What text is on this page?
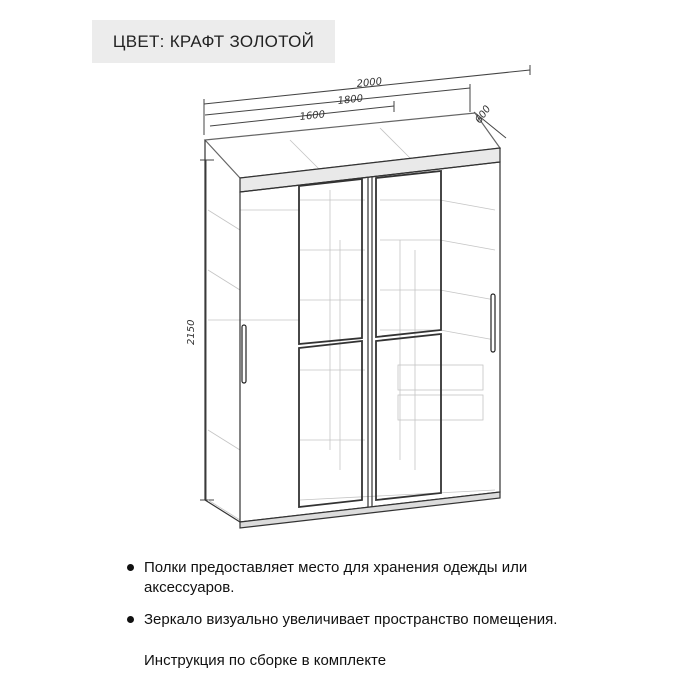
ЦВЕТ: КРАФТ ЗОЛОТОЙ
2000
1800
1600	600
2150
Полки предоставляет место для хранения одежды или аксессуаров.
Зеркало визуально увеличивает пространство помещения.
Инструкция по сборке в комплекте
